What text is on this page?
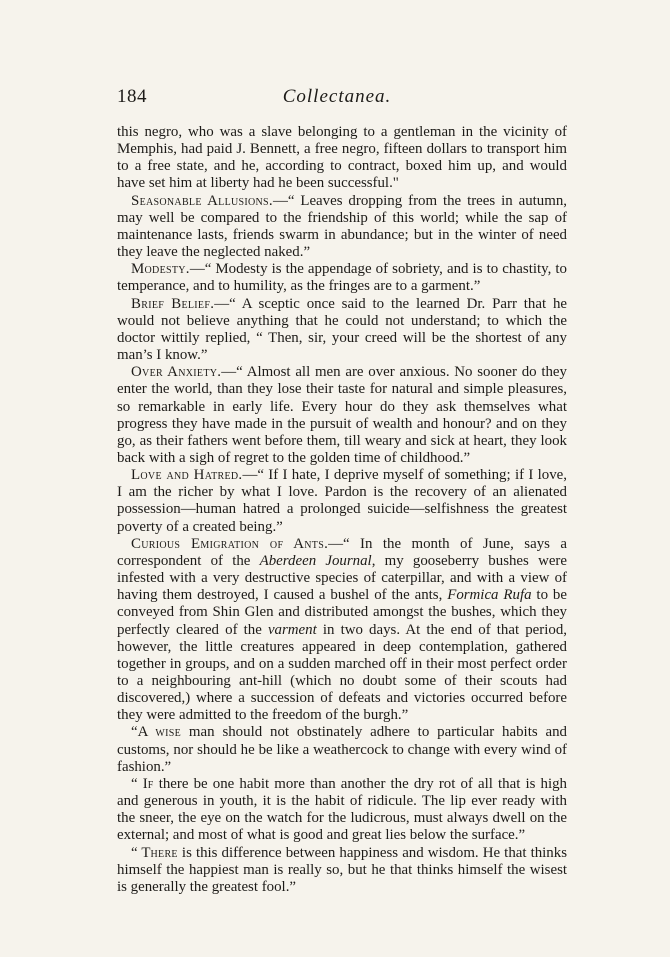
184	Collectanea.

this negro, who was a slave belonging to a gentleman in the vicinity of Memphis, had paid J. Bennett, a free negro, fifteen dollars to transport him to a free state, and he, according to contract, boxed him up, and would have set him at liberty had he been successful."

Seasonable Allusions.—“ Leaves dropping from the trees in autumn, may well be compared to the friendship of this world; while the sap of maintenance lasts, friends swarm in abundance; but in the winter of need they leave the neglected naked.”

Modesty.—“ Modesty is the appendage of sobriety, and is to chastity, to temperance, and to humility, as the fringes are to a garment.”

Brief Belief.—“ A sceptic once said to the learned Dr. Parr that he would not believe anything that he could not understand; to which the doctor wittily replied, “ Then, sir, your creed will be the shortest of any man’s I know.”

Over Anxiety.—“ Almost all men are over anxious. No sooner do they enter the world, than they lose their taste for natural and simple pleasures, so remarkable in early life. Every hour do they ask themselves what progress they have made in the pursuit of wealth and honour? and on they go, as their fathers went before them, till weary and sick at heart, they look back with a sigh of regret to the golden time of childhood.”

Love and Hatred.—“ If I hate, I deprive myself of something; if I love, I am the richer by what I love. Pardon is the recovery of an alienated possession—human hatred a prolonged suicide—selfishness the greatest poverty of a created being.”

Curious Emigration of Ants.—“ In the month of June, says a correspondent of the Aberdeen Journal, my gooseberry bushes were infested with a very destructive species of caterpillar, and with a view of having them destroyed, I caused a bushel of the ants, Formica Rufa to be conveyed from Shin Glen and distributed amongst the bushes, which they perfectly cleared of the varment in two days. At the end of that period, however, the little creatures appeared in deep contemplation, gathered together in groups, and on a sudden marched off in their most perfect order to a neighbouring ant-hill (which no doubt some of their scouts had discovered,) where a succession of defeats and victories occurred before they were admitted to the freedom of the burgh.”

“A wise man should not obstinately adhere to particular habits and customs, nor should he be like a weathercock to change with every wind of fashion.”

“ If there be one habit more than another the dry rot of all that is high and generous in youth, it is the habit of ridicule. The lip ever ready with the sneer, the eye on the watch for the ludicrous, must always dwell on the external; and most of what is good and great lies below the surface.”

“ There is this difference between happiness and wisdom. He that thinks himself the happiest man is really so, but he that thinks himself the wisest is generally the greatest fool.”
